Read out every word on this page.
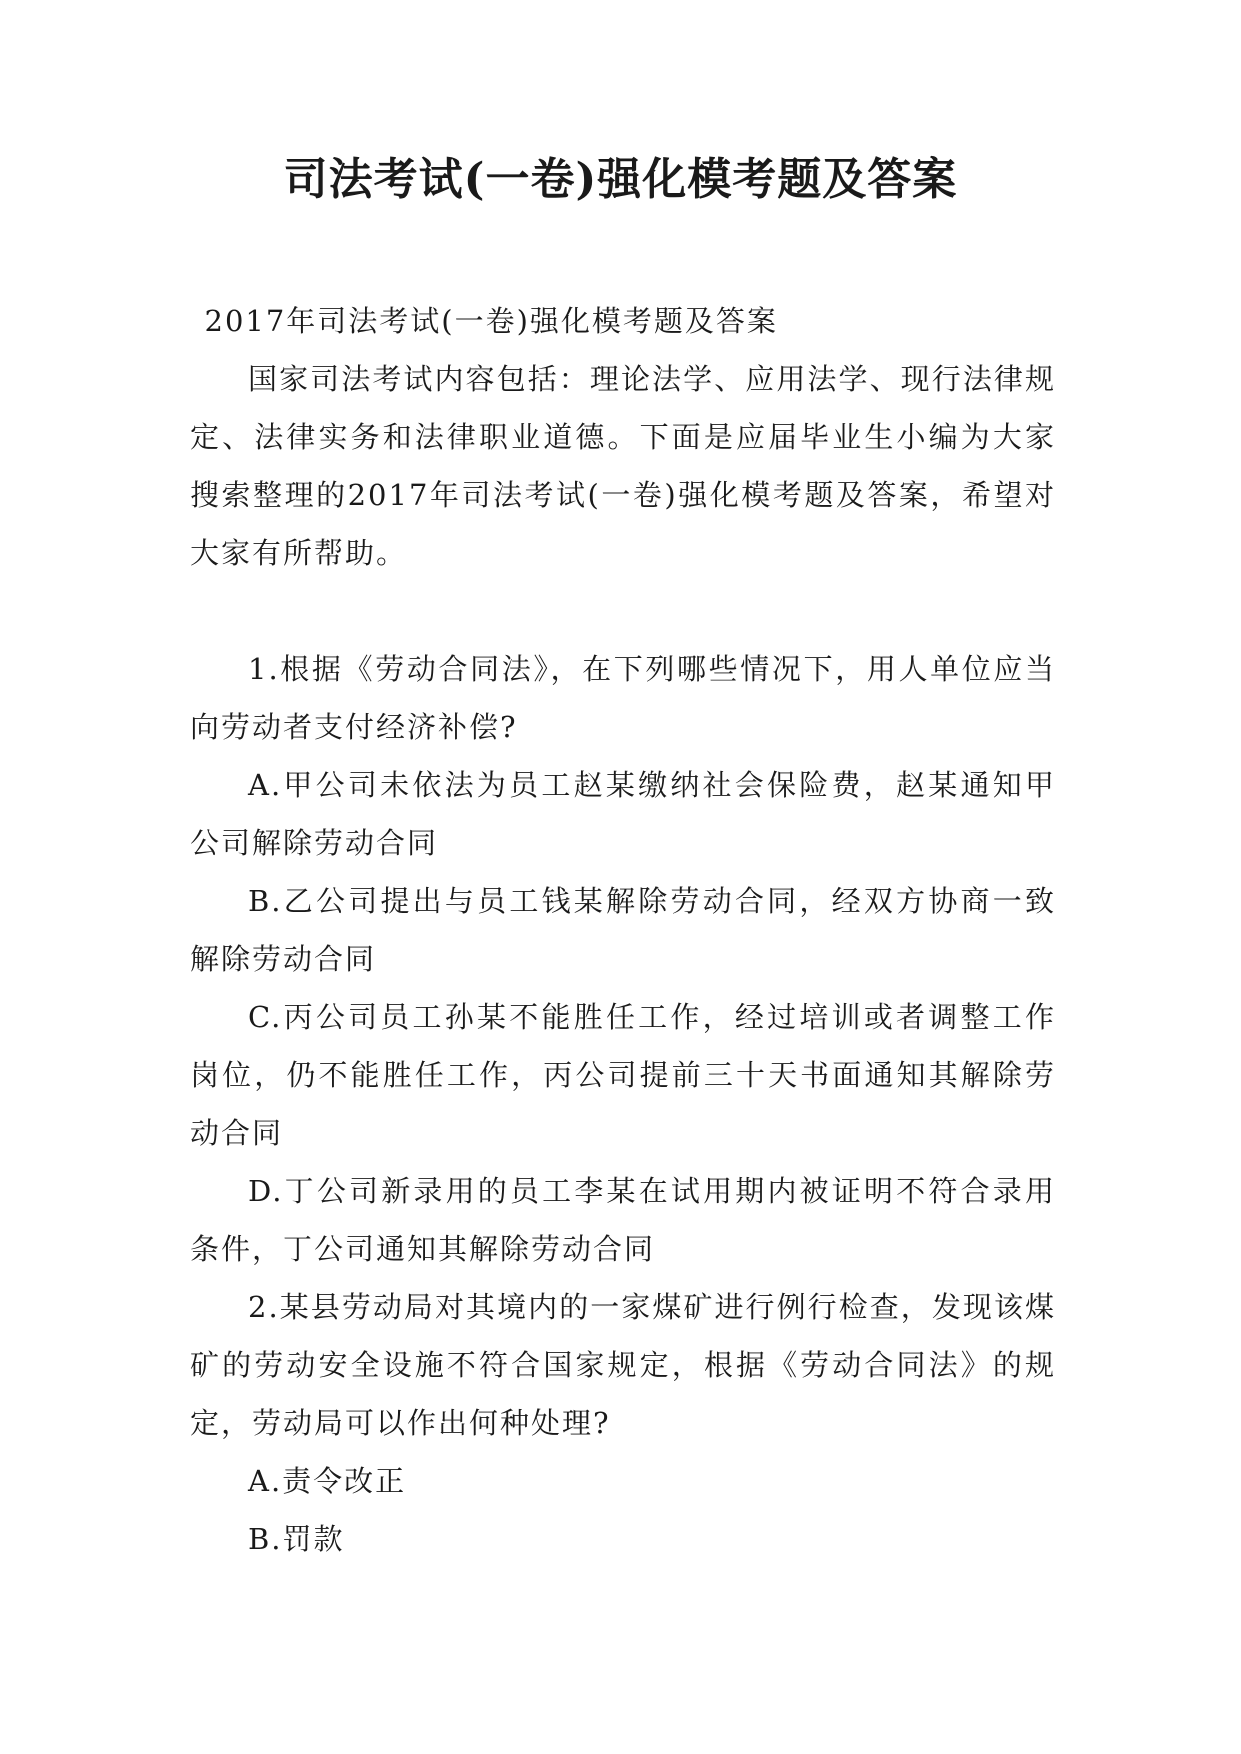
司法考试(一卷)强化模考题及答案

2017年司法考试(一卷)强化模考题及答案

国家司法考试内容包括：理论法学、应用法学、现行法律规定、法律实务和法律职业道德。下面是应届毕业生小编为大家搜索整理的2017年司法考试(一卷)强化模考题及答案，希望对大家有所帮助。

1.根据《劳动合同法》，在下列哪些情况下，用人单位应当向劳动者支付经济补偿?

A.甲公司未依法为员工赵某缴纳社会保险费，赵某通知甲公司解除劳动合同

B.乙公司提出与员工钱某解除劳动合同，经双方协商一致解除劳动合同

C.丙公司员工孙某不能胜任工作，经过培训或者调整工作岗位，仍不能胜任工作，丙公司提前三十天书面通知其解除劳动合同

D.丁公司新录用的员工李某在试用期内被证明不符合录用条件，丁公司通知其解除劳动合同

2.某县劳动局对其境内的一家煤矿进行例行检查，发现该煤矿的劳动安全设施不符合国家规定，根据《劳动合同法》的规定，劳动局可以作出何种处理?

A.责令改正

B.罚款
